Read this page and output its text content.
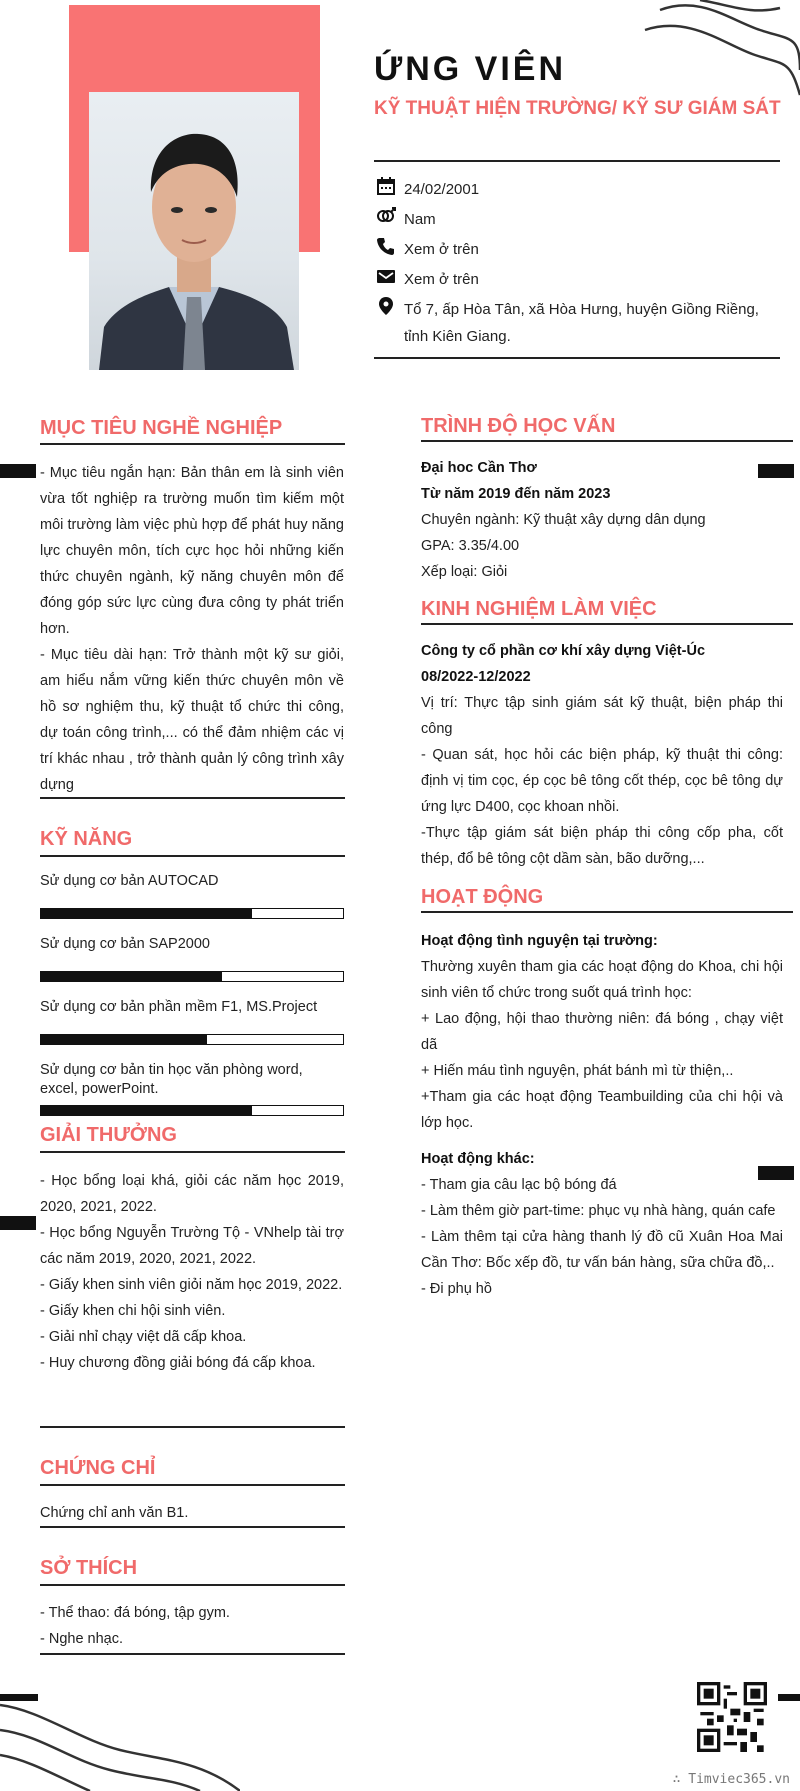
ỨNG VIÊN
KỸ THUẬT HIỆN TRƯỜNG/ KỸ SƯ GIÁM SÁT
24/02/2001
Nam
Xem ở trên
Xem ở trên
Tổ 7, ấp Hòa Tân, xã Hòa Hưng, huyện Giồng Riềng, tỉnh Kiên Giang.
MỤC TIÊU NGHỀ NGHIỆP

- Mục tiêu ngắn hạn: Bản thân em là sinh viên vừa tốt nghiệp ra trường muốn tìm kiếm một môi trường làm việc phù hợp để phát huy năng lực chuyên môn, tích cực học hỏi những kiến thức chuyên ngành, kỹ năng chuyên môn để đóng góp sức lực cùng đưa công ty phát triển hơn.

- Mục tiêu dài hạn: Trở thành một kỹ sư giỏi, am hiểu nắm vững kiến thức chuyên môn về hồ sơ nghiệm thu, kỹ thuật tổ chức thi công, dự toán công trình,... có thể đảm nhiệm các vị trí khác nhau , trở thành quản lý công trình xây dựng

KỸ NĂNG
Sử dụng cơ bản AUTOCAD
Sử dụng cơ bản SAP2000
Sử dụng cơ bản phần mềm F1, MS.Project
Sử dụng cơ bản tin học văn phòng word, excel, powerPoint.
GIẢI THƯỞNG

- Học bổng loại khá, giỏi các năm học 2019, 2020, 2021, 2022.

- Học bổng Nguyễn Trường Tộ - VNhelp tài trợ các năm 2019, 2020, 2021, 2022.

- Giấy khen sinh viên giỏi năm học 2019, 2022.

- Giấy khen chi hội sinh viên.

- Giải nhỉ chạy việt dã cấp khoa.

- Huy chương đồng giải bóng đá cấp khoa.

CHỨNG CHỈ

Chứng chỉ anh văn B1.

SỞ THÍCH

- Thể thao: đá bóng, tập gym.

- Nghe nhạc.

TRÌNH ĐỘ HỌC VẤN

Đại hoc Cần Thơ

Từ năm 2019 đến năm 2023

Chuyên ngành: Kỹ thuật xây dựng dân dụng

GPA: 3.35/4.00

Xếp loại: Giỏi

KINH NGHIỆM LÀM VIỆC

Công ty cổ phần cơ khí xây dựng Việt-Úc

08/2022-12/2022

Vị trí: Thực tập sinh giám sát kỹ thuật, biện pháp thi công

- Quan sát, học hỏi các biện pháp, kỹ thuật thi công: định vị tim cọc, ép cọc bê tông cốt thép, cọc bê tông dự ứng lực D400, cọc khoan nhồi.

-Thực tập giám sát biện pháp thi công cốp pha, cốt thép, đổ bê tông cột dầm sàn, bão dưỡng,...

HOẠT ĐỘNG

Hoạt động tình nguyện tại trường:

Thường xuyên tham gia các hoạt động do Khoa, chi hội sinh viên tổ chức trong suốt quá trình học:

+ Lao động, hội thao thường niên: đá bóng , chạy việt dã

+ Hiến máu tình nguyện, phát bánh mì từ thiện,..

+Tham gia các hoạt động Teambuilding của chi hội và lớp học.

Hoạt động khác:

- Tham gia câu lạc bộ bóng đá

- Làm thêm giờ part-time: phục vụ nhà hàng, quán cafe

- Làm thêm tại cửa hàng thanh lý đồ cũ Xuân Hoa Mai Cần Thơ: Bốc xếp đồ, tư vấn bán hàng, sữa chữa đồ,..

- Đi phụ hồ

∴ Timviec365.vn
